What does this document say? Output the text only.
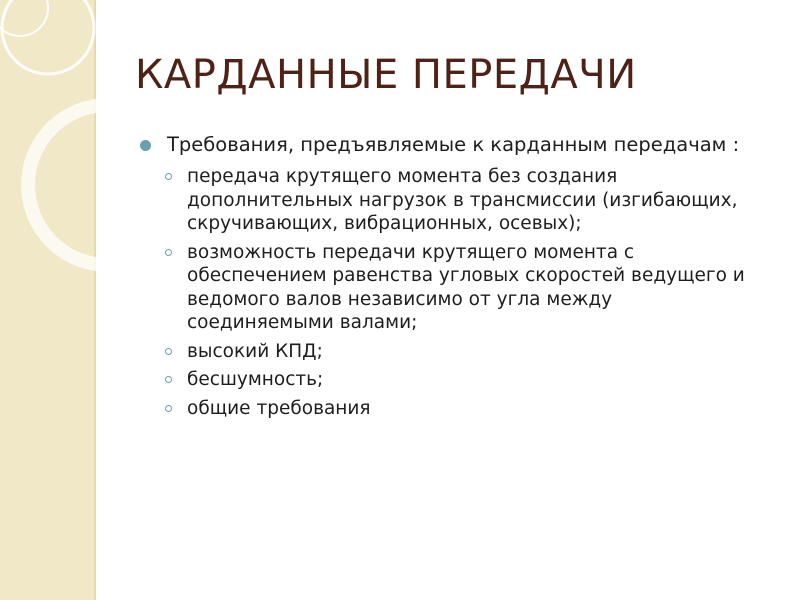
КАРДАННЫЕ ПЕРЕДАЧИ
Требования, предъявляемые к карданным передачам :
передача крутящего момента без создания дополнительных нагрузок в трансмиссии (изгибающих, скручивающих, вибрационных, осевых);
возможность передачи крутящего момента с обеспечением равенства угловых скоростей ведущего и ведомого валов независимо от угла между соединяемыми валами;
высокий КПД;
бесшумность;
общие требования
